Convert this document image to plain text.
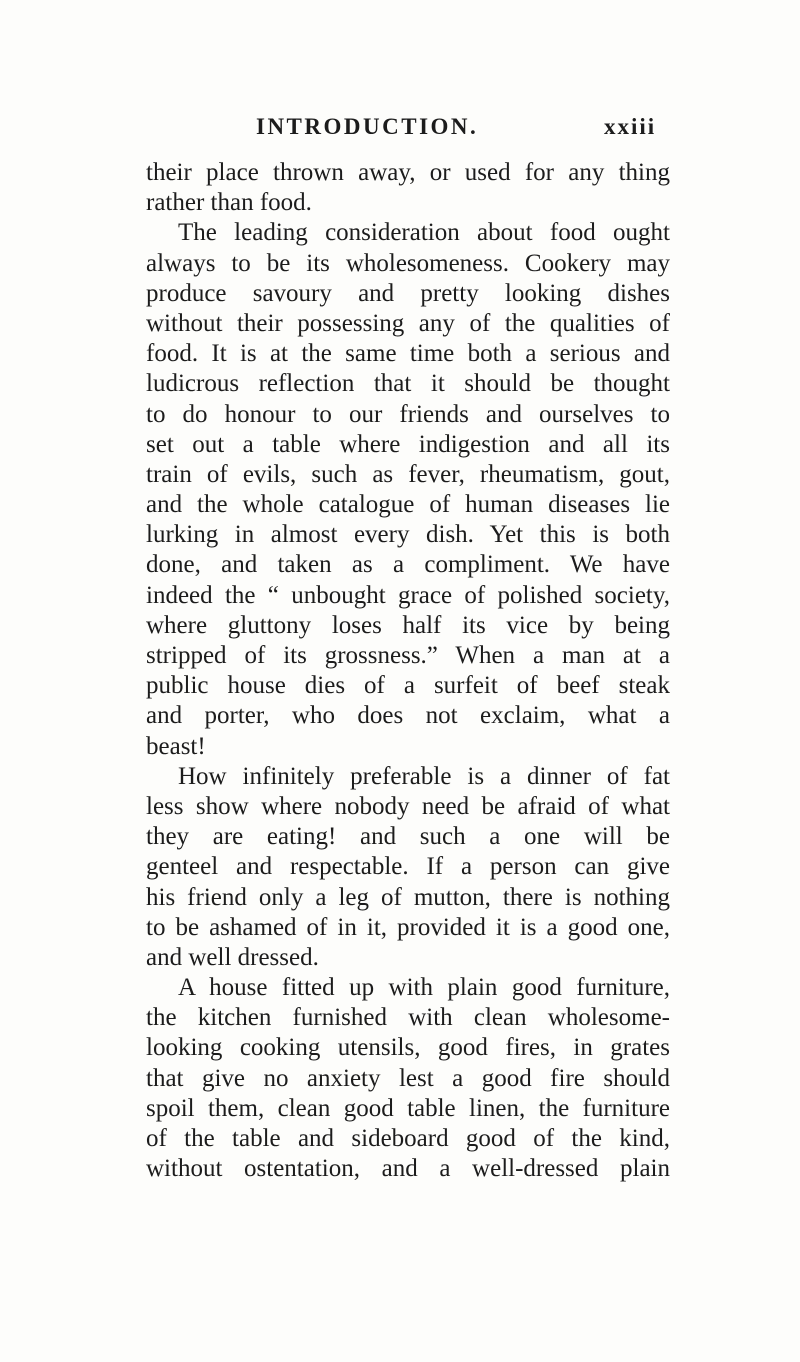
INTRODUCTION.	xxiii
their place thrown away, or used for any thing
rather than food.
The leading consideration about food ought
always to be its wholesomeness. Cookery may
produce savoury and pretty looking dishes
without their possessing any of the qualities of
food. It is at the same time both a serious and
ludicrous reflection that it should be thought
to do honour to our friends and ourselves to
set out a table where indigestion and all its
train of evils, such as fever, rheumatism, gout,
and the whole catalogue of human diseases lie
lurking in almost every dish. Yet this is both
done, and taken as a compliment. We have
indeed the “ unbought grace of polished society,
where gluttony loses half its vice by being
stripped of its grossness.” When a man at a
public house dies of a surfeit of beef steak
and porter, who does not exclaim, what a
beast!
How infinitely preferable is a dinner of fat
less show where nobody need be afraid of what
they are eating! and such a one will be
genteel and respectable. If a person can give
his friend only a leg of mutton, there is nothing
to be ashamed of in it, provided it is a good one,
and well dressed.
A house fitted up with plain good furniture,
the kitchen furnished with clean wholesome-
looking cooking utensils, good fires, in grates
that give no anxiety lest a good fire should
spoil them, clean good table linen, the furniture
of the table and sideboard good of the kind,
without ostentation, and a well-dressed plain
